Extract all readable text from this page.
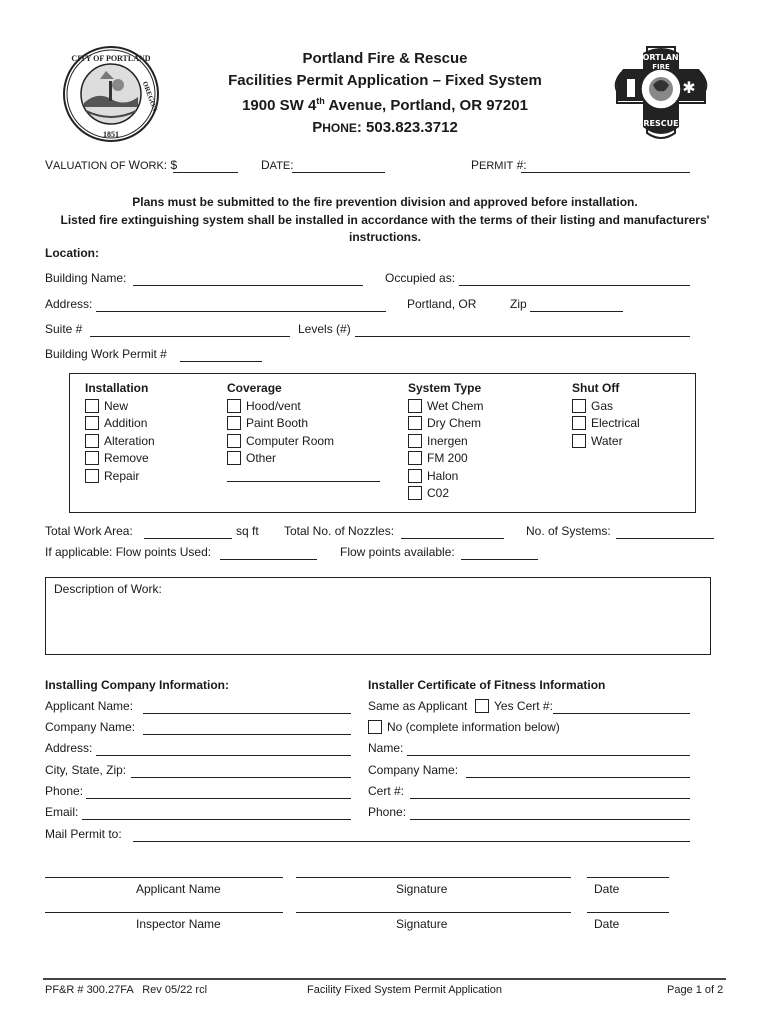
CITY OF PORTLAND
OREGON
1851
✱
PORTLAND
FIRE
RESCUE
Portland Fire & Rescue
Facilities Permit Application – Fixed System
1900 SW 4th Avenue, Portland, OR 97201
PHONE: 503.823.3712
VALUATION OF WORK: $	DATE:	PERMIT #:
Plans must be submitted to the fire prevention division and approved before installation.
Listed fire extinguishing system shall be installed in accordance with the terms of their listing and manufacturers'
instructions.
Location:
Building Name:	Occupied as:
Address:	Portland, OR	Zip
Suite #	Levels (#)
Building Work Permit #
Installation
New
Addition
Alteration
Remove
Repair
Coverage
Hood/vent
Paint Booth
Computer Room
Other
System Type
Wet Chem
Dry Chem
Inergen
FM 200
Halon
C02
Shut Off
Gas
Electrical
Water
Total Work Area:	sq ft Total No. of Nozzles:	No. of Systems:
If applicable: Flow points Used:	Flow points available:
Description of Work:
Installing Company Information:
Applicant Name:
Company Name:
Address:
City, State, Zip:
Phone:
Email:
Mail Permit to:
Installer Certificate of Fitness Information
Same as Applicant	Yes Cert #:
No (complete information below)
Name:
Company Name:
Cert #:
Phone:
Applicant Name	Signature	Date
Inspector Name	Signature	Date
PF&R # 300.27FA   Rev 05/22 rcl	Facility Fixed System Permit Application	Page 1 of 2
